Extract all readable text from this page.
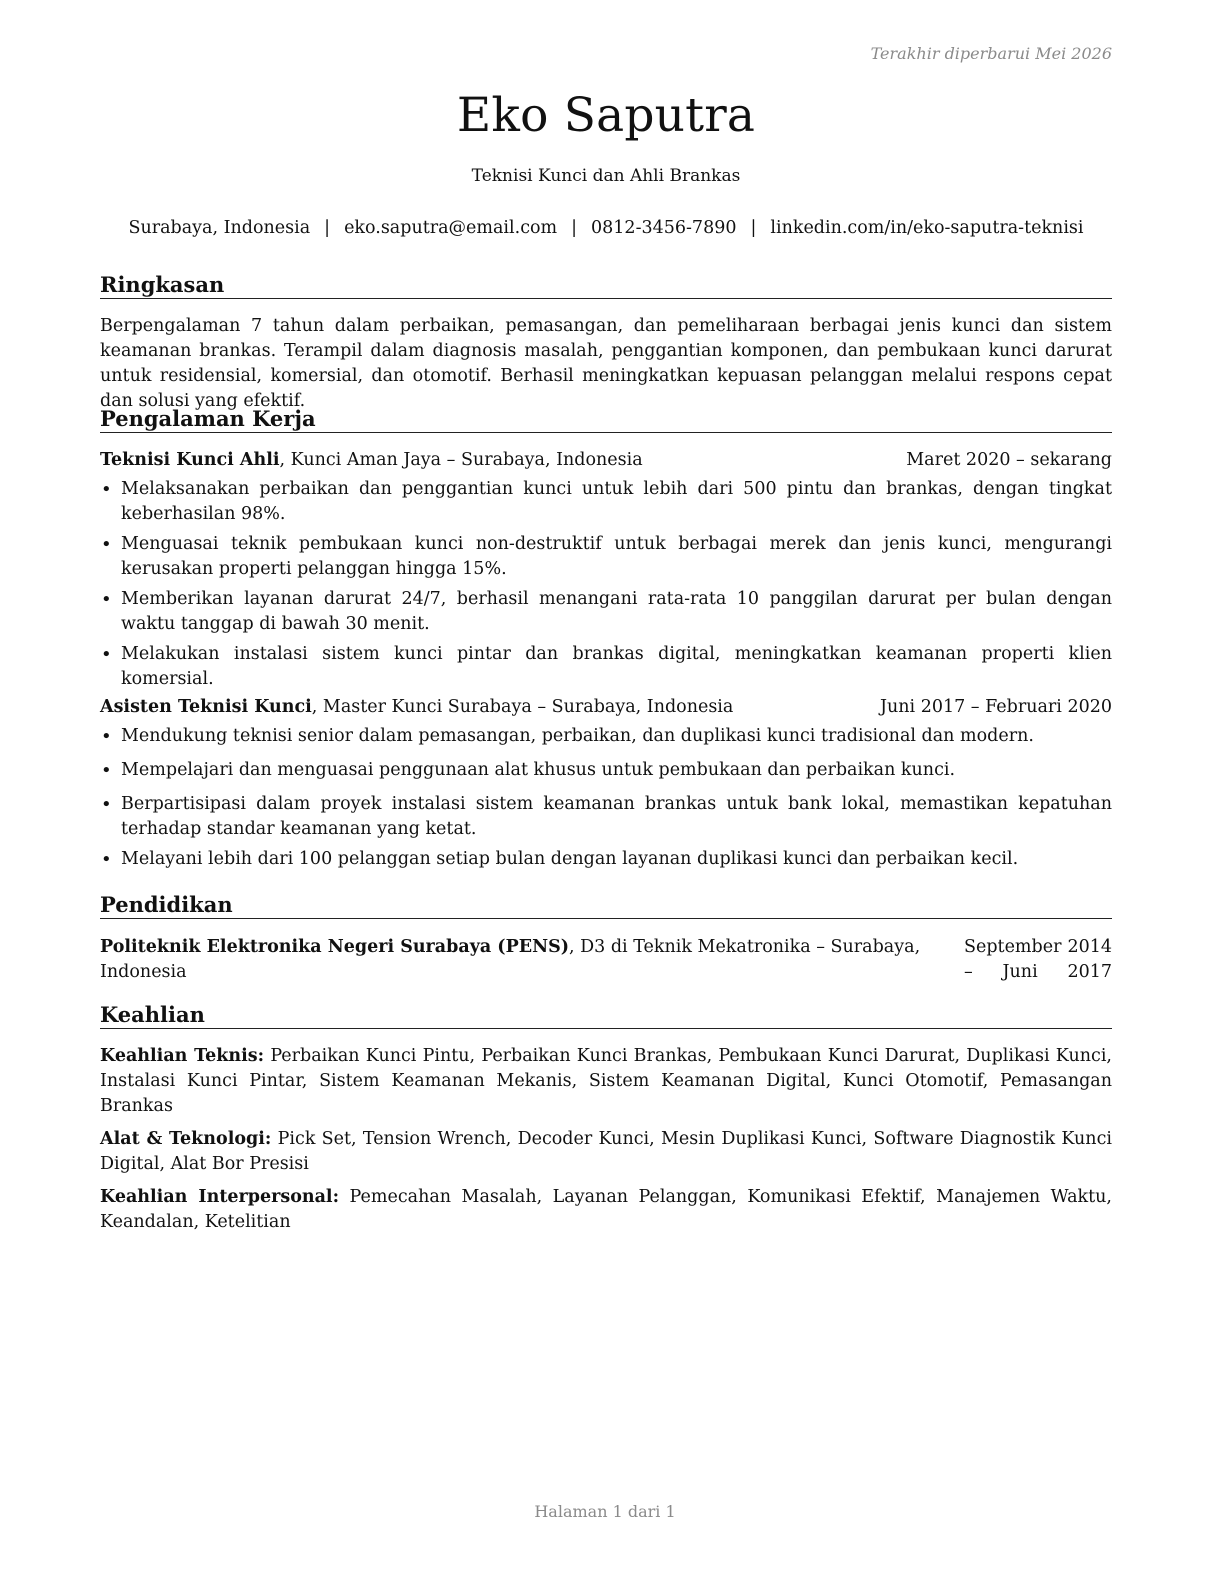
Terakhir diperbarui Mei 2026
Eko Saputra
Teknisi Kunci dan Ahli Brankas
Surabaya, Indonesia | eko.saputra@email.com | 0812-3456-7890 | linkedin.com/in/eko-saputra-teknisi
Ringkasan
Berpengalaman 7 tahun dalam perbaikan, pemasangan, dan pemeliharaan berbagai jenis kunci dan sistem keamanan brankas. Terampil dalam diagnosis masalah, penggantian komponen, dan pembukaan kunci darurat untuk residensial, komersial, dan otomotif. Berhasil meningkatkan kepuasan pelanggan melalui respons cepat dan solusi yang efektif.
Pengalaman Kerja
Teknisi Kunci Ahli, Kunci Aman Jaya – Surabaya, Indonesia	Maret 2020 – sekarang
• Melaksanakan perbaikan dan penggantian kunci untuk lebih dari 500 pintu dan brankas, dengan tingkat keberhasilan 98%.
• Menguasai teknik pembukaan kunci non-destruktif untuk berbagai merek dan jenis kunci, mengurangi kerusakan properti pelanggan hingga 15%.
• Memberikan layanan darurat 24/7, berhasil menangani rata-rata 10 panggilan darurat per bulan dengan waktu tanggap di bawah 30 menit.
• Melakukan instalasi sistem kunci pintar dan brankas digital, meningkatkan keamanan properti klien komersial.
Asisten Teknisi Kunci, Master Kunci Surabaya – Surabaya, Indonesia	Juni 2017 – Februari 2020
• Mendukung teknisi senior dalam pemasangan, perbaikan, dan duplikasi kunci tradisional dan modern.
• Mempelajari dan menguasai penggunaan alat khusus untuk pembukaan dan perbaikan kunci.
• Berpartisipasi dalam proyek instalasi sistem keamanan brankas untuk bank lokal, memastikan kepatuhan terhadap standar keamanan yang ketat.
• Melayani lebih dari 100 pelanggan setiap bulan dengan layanan duplikasi kunci dan perbaikan kecil.
Pendidikan
Politeknik Elektronika Negeri Surabaya (PENS), D3 di Teknik Mekatronika – Surabaya, Indonesia
September 2014 – Juni 2017
Keahlian

Keahlian Teknis: Perbaikan Kunci Pintu, Perbaikan Kunci Brankas, Pembukaan Kunci Darurat, Duplikasi Kunci, Instalasi Kunci Pintar, Sistem Keamanan Mekanis, Sistem Keamanan Digital, Kunci Otomotif, Pemasangan Brankas

Alat & Teknologi: Pick Set, Tension Wrench, Decoder Kunci, Mesin Duplikasi Kunci, Software Diagnostik Kunci Digital, Alat Bor Presisi

Keahlian Interpersonal: Pemecahan Masalah, Layanan Pelanggan, Komunikasi Efektif, Manajemen Waktu, Keandalan, Ketelitian

Halaman 1 dari 1
